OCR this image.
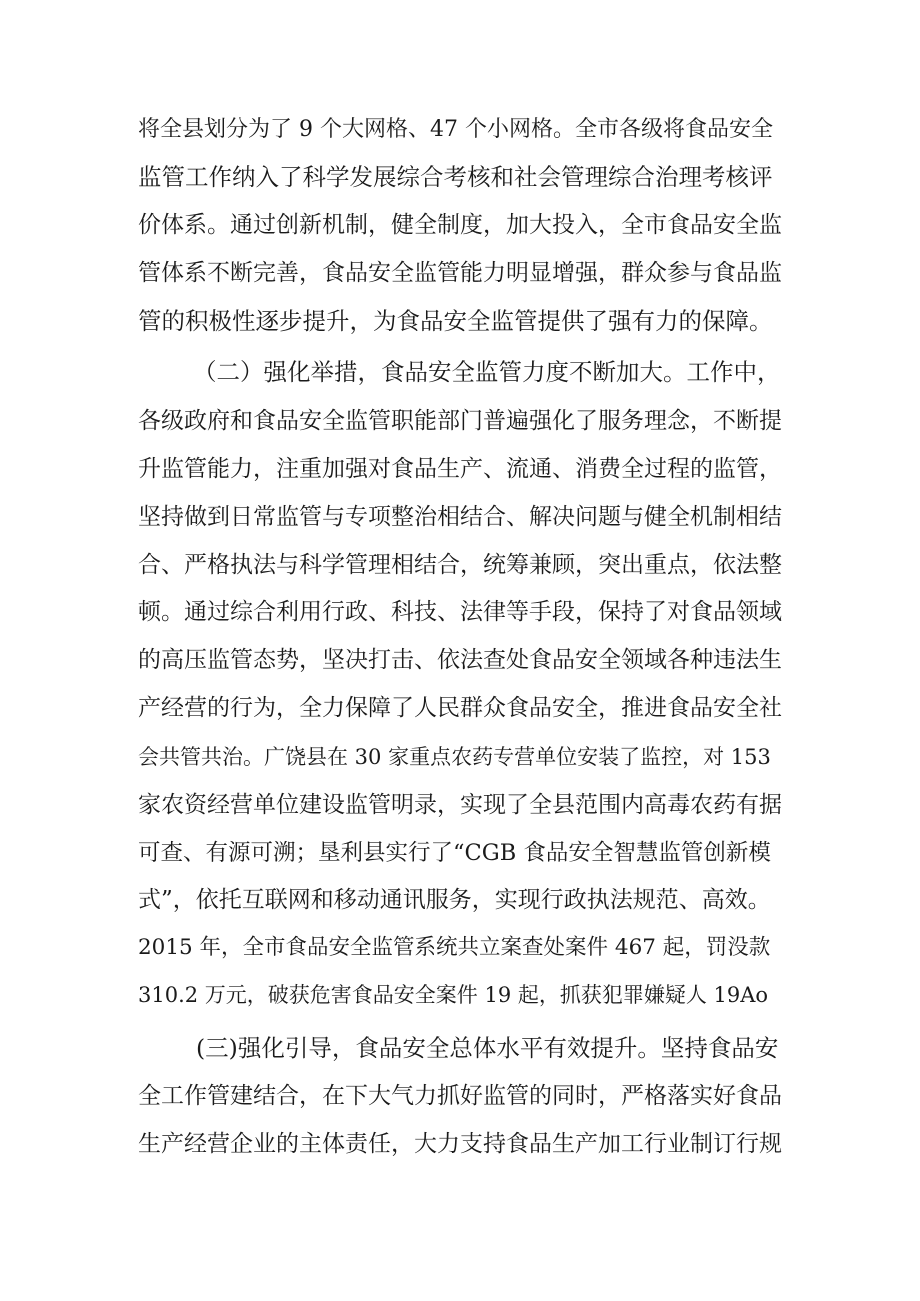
将全县划分为了 9 个大网格、47 个小网格。全市各级将食品安全

监管工作纳入了科学发展综合考核和社会管理综合治理考核评

价体系。通过创新机制，健全制度，加大投入，全市食品安全监

管体系不断完善，食品安全监管能力明显增强，群众参与食品监

管的积极性逐步提升，为食品安全监管提供了强有力的保障。

（二）强化举措，食品安全监管力度不断加大。工作中，

各级政府和食品安全监管职能部门普遍强化了服务理念，不断提

升监管能力，注重加强对食品生产、流通、消费全过程的监管，

坚持做到日常监管与专项整治相结合、解决问题与健全机制相结

合、严格执法与科学管理相结合，统筹兼顾，突出重点，依法整

顿。通过综合利用行政、科技、法律等手段，保持了对食品领域

的高压监管态势，坚决打击、依法查处食品安全领域各种违法生

产经营的行为，全力保障了人民群众食品安全，推进食品安全社

会共管共治。广饶县在 30 家重点农药专营单位安装了监控，对 153

家农资经营单位建设监管明录，实现了全县范围内高毒农药有据

可查、有源可溯；垦利县实行了“CGB 食品安全智慧监管创新模

式”，依托互联网和移动通讯服务，实现行政执法规范、高效。

2015 年，全市食品安全监管系统共立案查处案件 467 起，罚没款

310.2 万元，破获危害食品安全案件 19 起，抓获犯罪嫌疑人 19Ao

(三)强化引导，食品安全总体水平有效提升。坚持食品安

全工作管建结合，在下大气力抓好监管的同时，严格落实好食品

生产经营企业的主体责任，大力支持食品生产加工行业制订行规
